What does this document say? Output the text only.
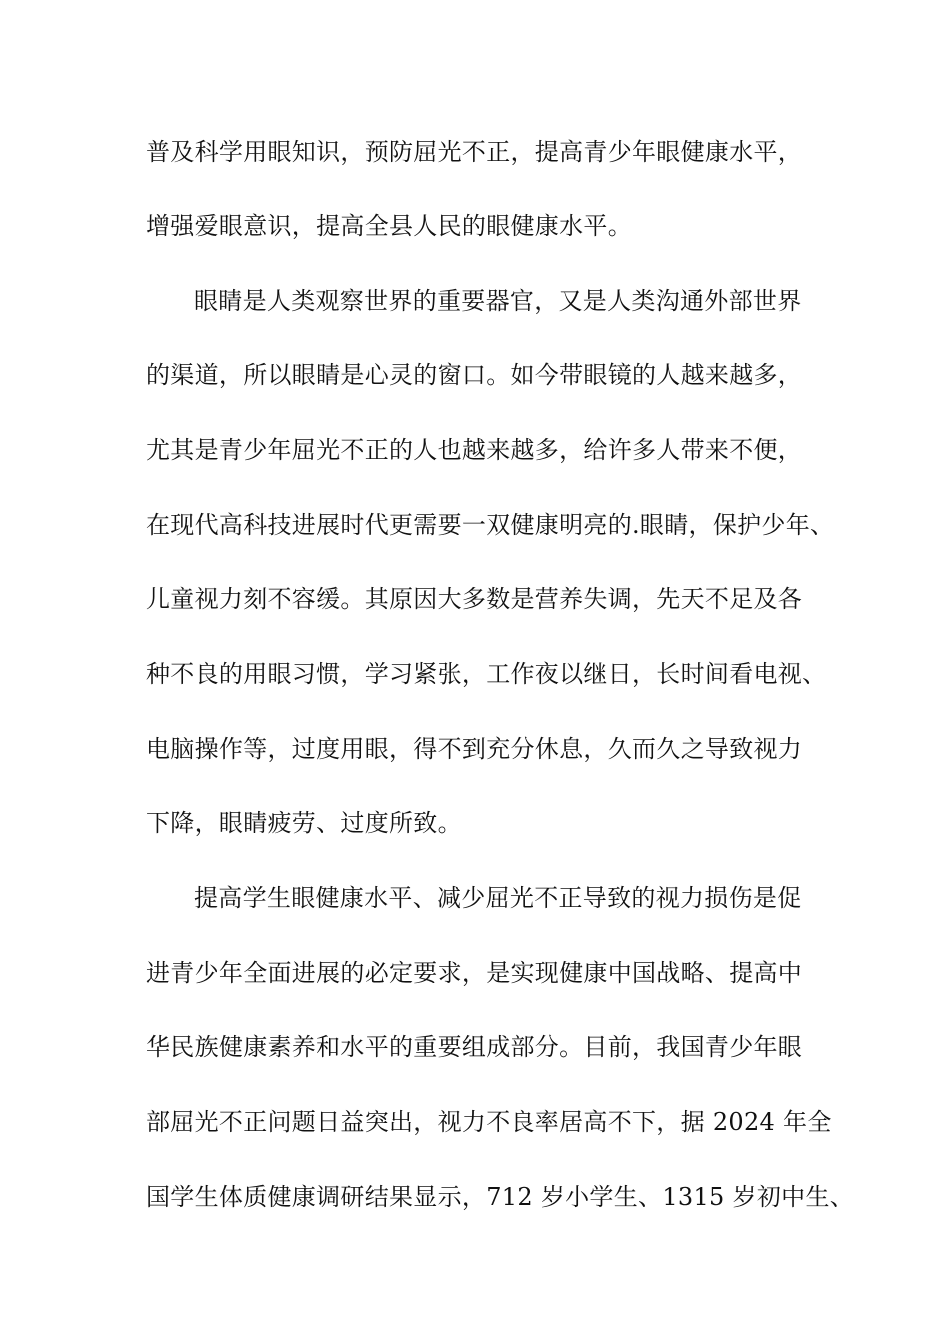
普及科学用眼知识，预防屈光不正，提高青少年眼健康水平，
增强爱眼意识，提高全县人民的眼健康水平。
眼睛是人类观察世界的重要器官，又是人类沟通外部世界
的渠道，所以眼睛是心灵的窗口。如今带眼镜的人越来越多，
尤其是青少年屈光不正的人也越来越多，给许多人带来不便，
在现代高科技进展时代更需要一双健康明亮的.眼睛，保护少年、
儿童视力刻不容缓。其原因大多数是营养失调，先天不足及各
种不良的用眼习惯，学习紧张，工作夜以继日，长时间看电视、
电脑操作等，过度用眼，得不到充分休息，久而久之导致视力
下降，眼睛疲劳、过度所致。
提高学生眼健康水平、减少屈光不正导致的视力损伤是促
进青少年全面进展的必定要求，是实现健康中国战略、提高中
华民族健康素养和水平的重要组成部分。目前，我国青少年眼
部屈光不正问题日益突出，视力不良率居高不下，据 2024 年全
国学生体质健康调研结果显示，712 岁小学生、1315 岁初中生、
